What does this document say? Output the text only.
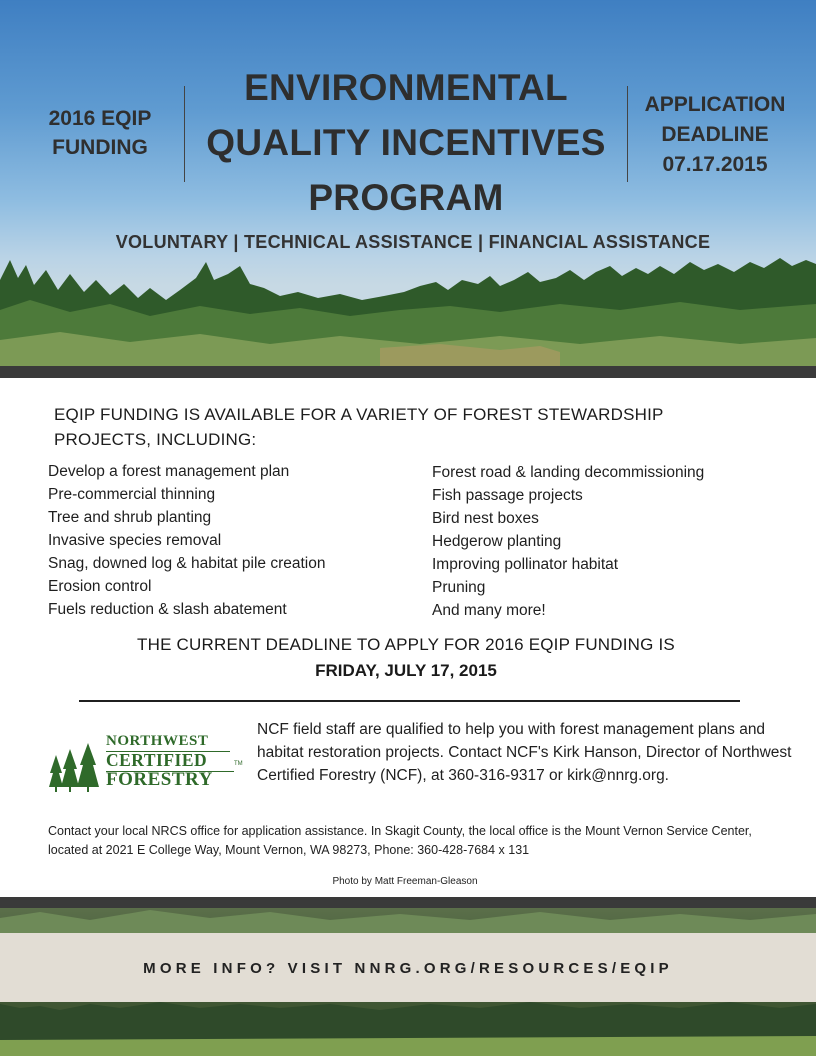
2016 EQIP
FUNDING
ENVIRONMENTAL
QUALITY INCENTIVES
PROGRAM
APPLICATION
DEADLINE
07.17.2015
VOLUNTARY | TECHNICAL ASSISTANCE | FINANCIAL ASSISTANCE
EQIP FUNDING IS AVAILABLE FOR A VARIETY OF FOREST STEWARDSHIP
PROJECTS, INCLUDING:
Develop a forest management plan
Pre-commercial thinning
Tree and shrub planting
Invasive species removal
Snag, downed log & habitat pile creation
Erosion control
Fuels reduction & slash abatement
Forest road & landing decommissioning
Fish passage projects
Bird nest boxes
Hedgerow planting
Improving pollinator habitat
Pruning
And many more!
THE CURRENT DEADLINE TO APPLY FOR 2016 EQIP FUNDING IS
FRIDAY, JULY 17, 2015
NORTHWEST
CERTIFIED
FORESTRY
TM
NCF field staff are qualified to help you with forest management plans and habitat restoration projects. Contact NCF's Kirk Hanson, Director of Northwest Certified Forestry (NCF), at 360-316-9317 or kirk@nnrg.org.
Contact your local NRCS office for application assistance. In Skagit County, the local office is the Mount Vernon Service Center, located at 2021 E College Way, Mount Vernon, WA 98273, Phone: 360-428-7684 x 131
Photo by Matt Freeman-Gleason
MORE INFO? VISIT NNRG.ORG/RESOURCES/EQIP
